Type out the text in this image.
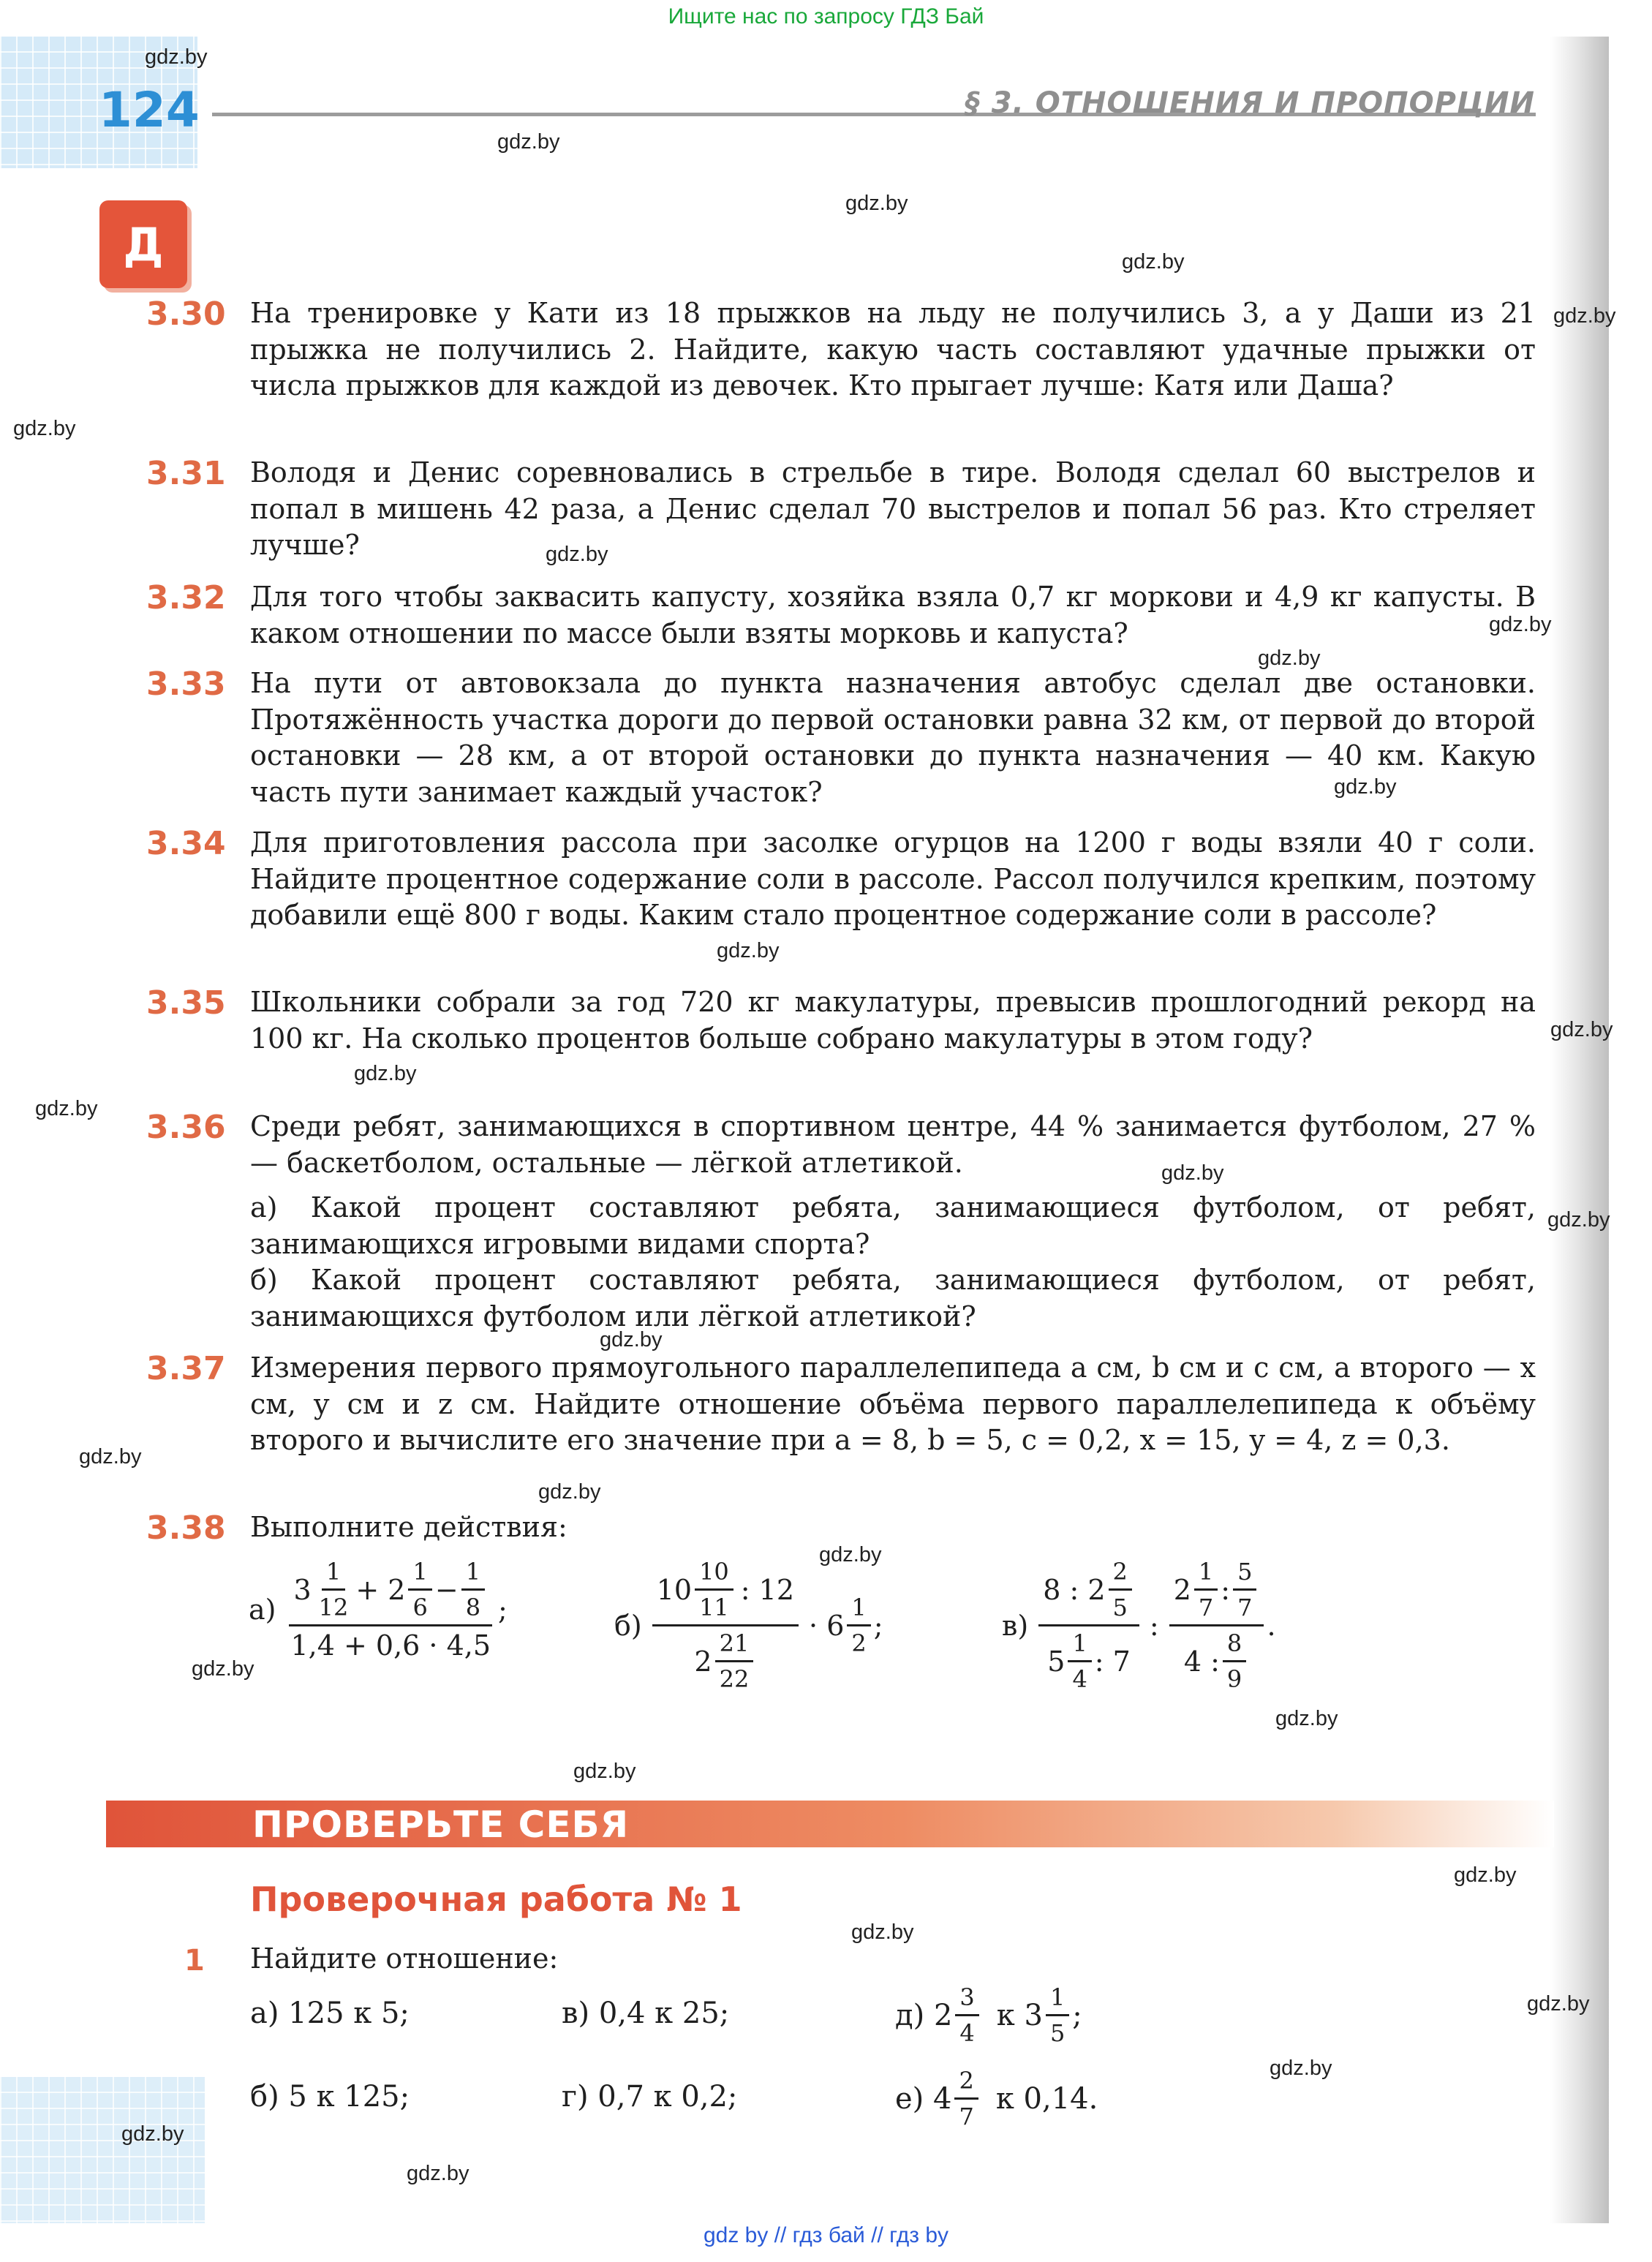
Ищите нас по запросу ГДЗ Бай
124	§ 3. ОТНОШЕНИЯ И ПРОПОРЦИИ
Д
gdz.by
gdz.by
gdz.by
gdz.by
gdz.by
gdz.by
gdz.by
gdz.by
gdz.by
gdz.by
gdz.by
gdz.by
gdz.by
gdz.by
gdz.by
gdz.by
gdz.by
gdz.by
gdz.by
gdz.by
gdz.by
gdz.by
gdz.by
gdz.by
gdz.by
gdz.by
gdz.by
gdz.by
gdz.by
3.30 На тренировке у Кати из 18 прыжков на льду не получились 3, а у Даши из 21 прыжка не получились 2. Найдите, какую часть составляют удачные прыжки от числа прыжков для каждой из девочек. Кто прыгает лучше: Катя или Даша?
3.31 Володя и Денис соревновались в стрельбе в тире. Володя сделал 60 выстрелов и попал в мишень 42 раза, а Денис сделал 70 выстрелов и попал 56 раз. Кто стреляет лучше?
3.32 Для того чтобы заквасить капусту, хозяйка взяла 0,7 кг моркови и 4,9 кг капусты. В каком отношении по массе были взяты морковь и капуста?
3.33 На пути от автовокзала до пункта назначения автобус сделал две остановки. Протяжённость участка дороги до первой остановки равна 32 км, от первой до второй остановки — 28 км, а от второй остановки до пункта назначения — 40 км. Какую часть пути занимает каждый участок?
3.34 Для приготовления рассола при засолке огурцов на 1200 г воды взяли 40 г соли. Найдите процентное содержание соли в рассоле. Рассол получился крепким, поэтому добавили ещё 800 г воды. Каким стало процентное содержание соли в рассоле?
3.35 Школьники собрали за год 720 кг макулатуры, превысив прошлогодний рекорд на 100 кг. На сколько процентов больше собрано макулатуры в этом году?
3.36 Среди ребят, занимающихся в спортивном центре, 44 % занимается футболом, 27 % — баскетболом, остальные — лёгкой атлетикой.
а) Какой процент составляют ребята, занимающиеся футболом, от ребят, занимающихся игровыми видами спорта?
б) Какой процент составляют ребята, занимающиеся футболом, от ребят, занимающихся футболом или лёгкой атлетикой?
3.37 Измерения первого прямоугольного параллелепипеда a см, b см и c см, а второго — x см, y см и z см. Найдите отношение объёма первого параллелепипеда к объёму второго и вычислите его значение при a = 8, b = 5, c = 0,2, x = 15, y = 4, z = 0,3.
3.38 Выполните действия:
$а) \frac{3 \frac{1}{12} + 2 \frac{1}{6} - \frac{1}{8}}{1,4 + 0,6 \cdot 4,5}$ ;	$б) \frac{10 \frac{10}{11} : 12}{2 \frac{21}{22}} \cdot 6 \frac{1}{2}$ ;	$в) \frac{8 : 2 \frac{2}{5}}{5 \frac{1}{4} : 7}$ : $\frac{2 \frac{1}{7} : \frac{5}{7}}{4 : \frac{8}{9}}$ .
ПРОВЕРЬТЕ СЕБЯ
Проверочная работа № 1
1 Найдите отношение:
а) 125 к 5;	в) 0,4 к 25;	д) $2 \frac{3}{4}$ к $3 \frac{1}{5}$ ;
б) 5 к 125;	г) 0,7 к 0,2;	е) $4 \frac{2}{7}$ к 0,14.
gdz by // гдз бай // гдз by
